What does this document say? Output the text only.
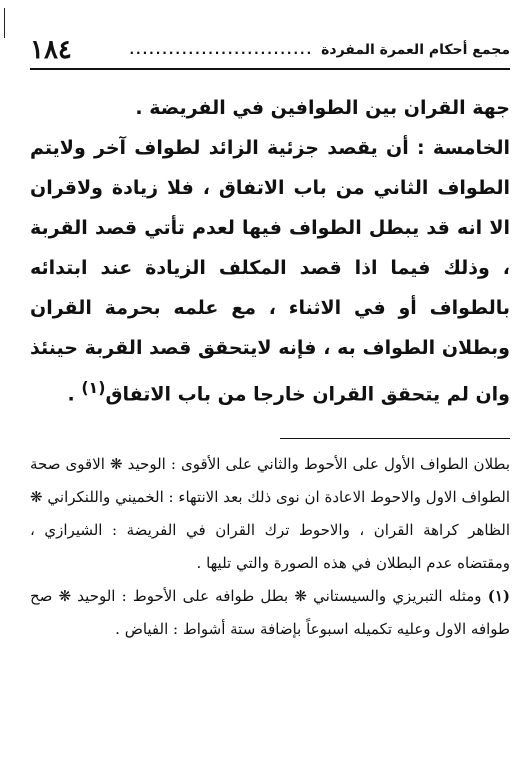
مجمع أحكام العمرة المفردة
............................
١٨٤

جهة القران بين الطوافين في الفريضة .

الخامسة : أن يقصد جزئية الزائد لطواف آخر ولايتم الطواف الثاني من باب الاتفاق ، فلا زيادة ولاقران الا انه قد يبطل الطواف فيها لعدم تأتي قصد القربة ، وذلك فيما اذا قصد المكلف الزيادة عند ابتدائه بالطواف أو في الاثناء ، مع علمه بحرمة القران وبطلان الطواف به ، فإنه لايتحقق قصد القربة حينئذ وان لم يتحقق القران خارجا من باب الاتفاق$^{(١)}$ .

بطلان الطواف الأول على الأحوط والثاني على الأقوى : الوحيد ❋ الاقوى صحة الطواف الاول والاحوط الاعادة ان نوى ذلك بعد الانتهاء : الخميني واللنكراني ❋ الظاهر كراهة القران ، والاحوط ترك القران في الفريضة : الشيرازي ، ومقتضاه عدم البطلان في هذه الصورة والتي تليها .

(١) ومثله التبريزي والسيستاني ❋ بطل طوافه على الأحوط : الوحيد ❋ صح طوافه الاول وعليه تكميله اسبوعاً بإضافة ستة أشواط : الفياض .
